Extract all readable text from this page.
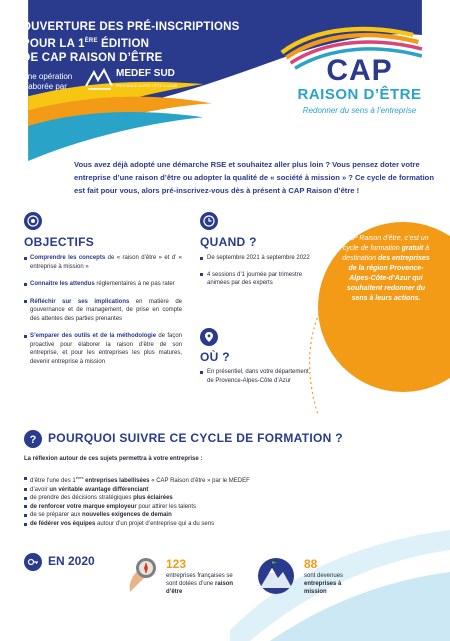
OUVERTURE DES PRÉ-INSCRIPTIONS
POUR LA 1ÈRE ÉDITION
DE CAP RAISON D’ÊTRE
Une opération élaborée par
MEDEF SUD
PROVENCE ALPES CÔTE D’AZUR	CAP
RAISON D’ÊTRE
Redonner du sens à l’entreprise
Vous avez déjà adopté une démarche RSE et souhaitez aller plus loin ? Vous pensez doter votre entreprise d’une raison d’être ou adopter la qualité de « société à mission » ? Ce cycle de formation est fait pour vous, alors pré-inscrivez-vous dès à présent à CAP Raison d’être !
OBJECTIFS
Comprendre les concepts de « raison d’être » et d’ « entreprise à mission »
Connaître les attendus réglementaires à ne pas rater
Réfléchir sur ses implications en matière de gouvernance et de management, de prise en compte des attentes des parties prenantes
S’emparer des outils et de la méthodologie de façon proactive pour élaborer la raison d’être de son entreprise, et pour les entreprises les plus matures, devenir entreprise à mission
QUAND ?
De septembre 2021 à septembre 2022
4 sessions d’1 journée par trimestre animées par des experts
OÙ ?
En présentiel, dans votre département de Provence-Alpes-Côte d’Azur
CAP Raison d’être, c’est un cycle de formation gratuit à destination des entreprises de la région Provence-Alpes-Côte-d’Azur qui souhaitent redonner du sens à leurs actions.
? POURQUOI SUIVRE CE CYCLE DE FORMATION ?
La réflexion autour de ces sujets permettra à votre entreprise :
d’être l’une des 1ères entreprises labellisées « CAP Raison d’être » par le MEDEF
d’avoir un véritable avantage différenciant
de prendre des décisions stratégiques plus éclairées
de renforcer votre marque employeur pour attirer les talents
de se préparer aux nouvelles exigences de demain
de fédérer vos équipes autour d’un projet d’entreprise qui a du sens
EN 2020	123
entreprises françaises se sont dotées d’une raison d’être
88
sont devenues entreprises à mission
